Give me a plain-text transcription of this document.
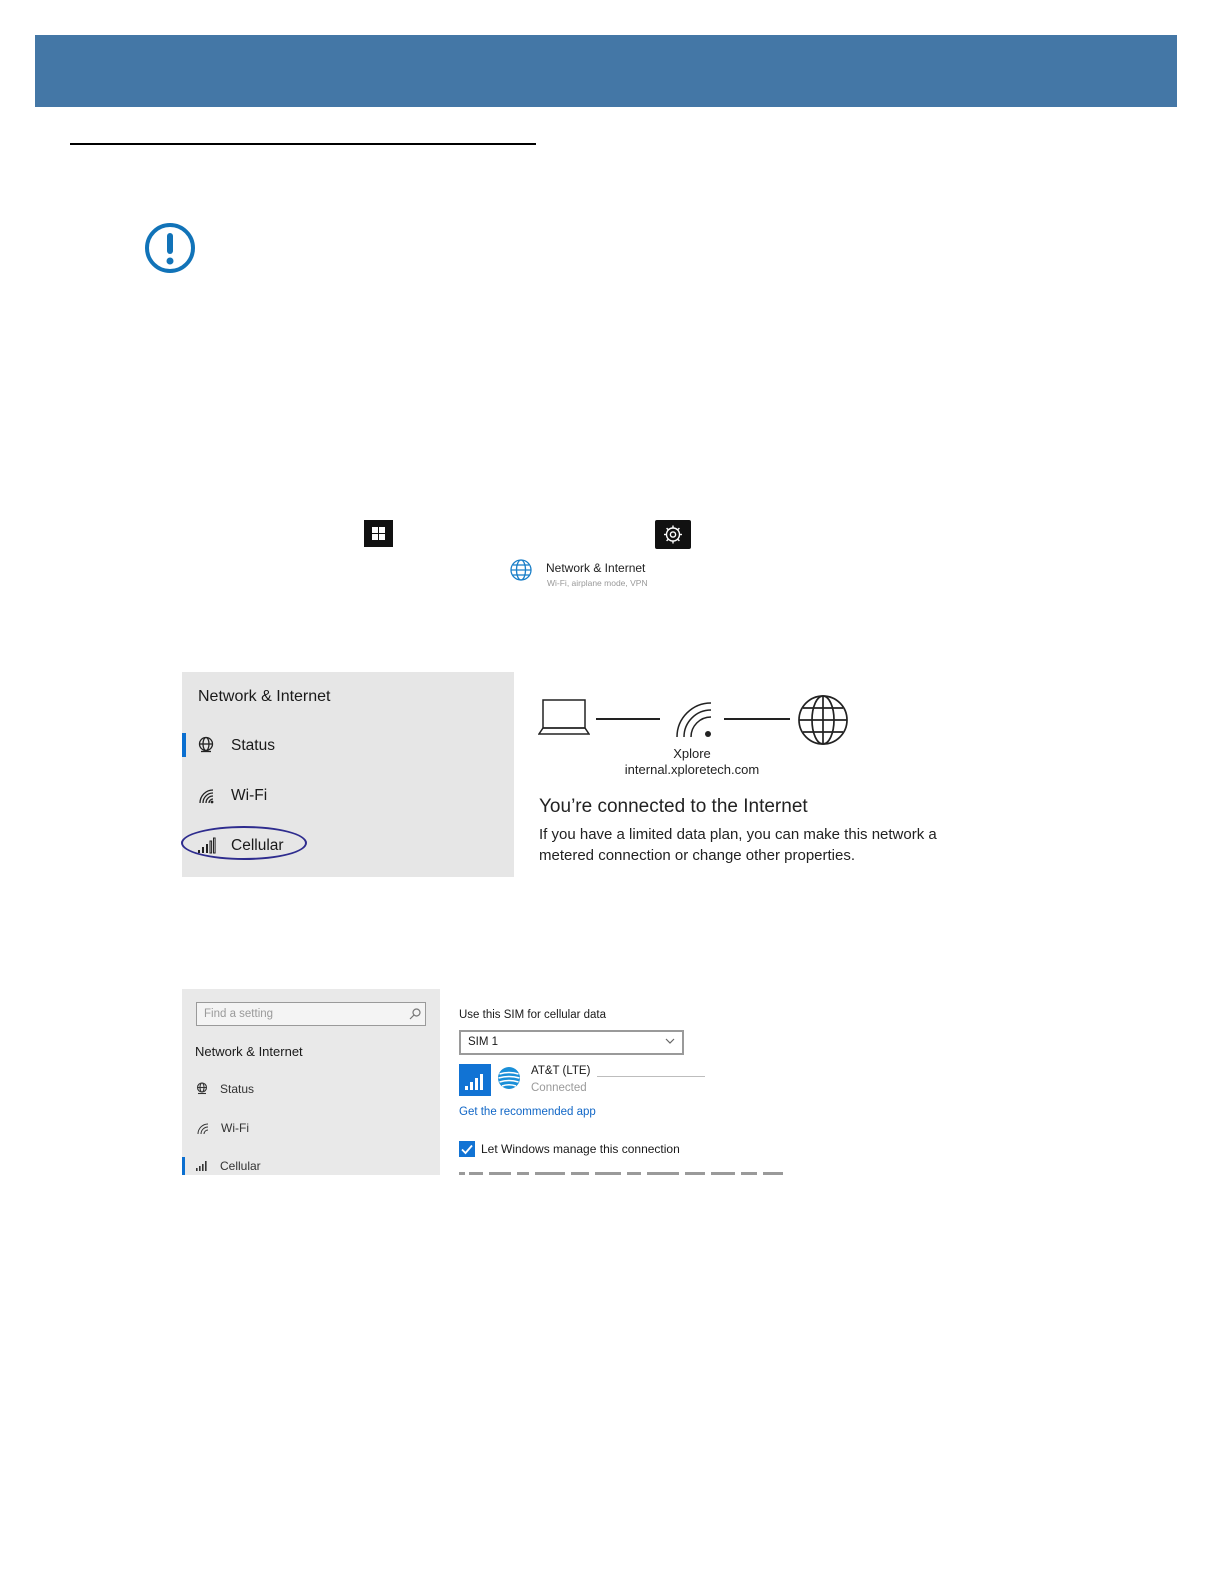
Network & Internet
Wi-Fi, airplane mode, VPN
Network & Internet
Status
Wi-Fi
Cellular
Xplore
internal.xploretech.com
You’re connected to the Internet
If you have a limited data plan, you can make this network a metered connection or change other properties.
Find a setting
Network & Internet
Status
Wi-Fi
Cellular
Use this SIM for cellular data
SIM 1
AT&T (LTE)
Connected
Get the recommended app
Let Windows manage this connection
